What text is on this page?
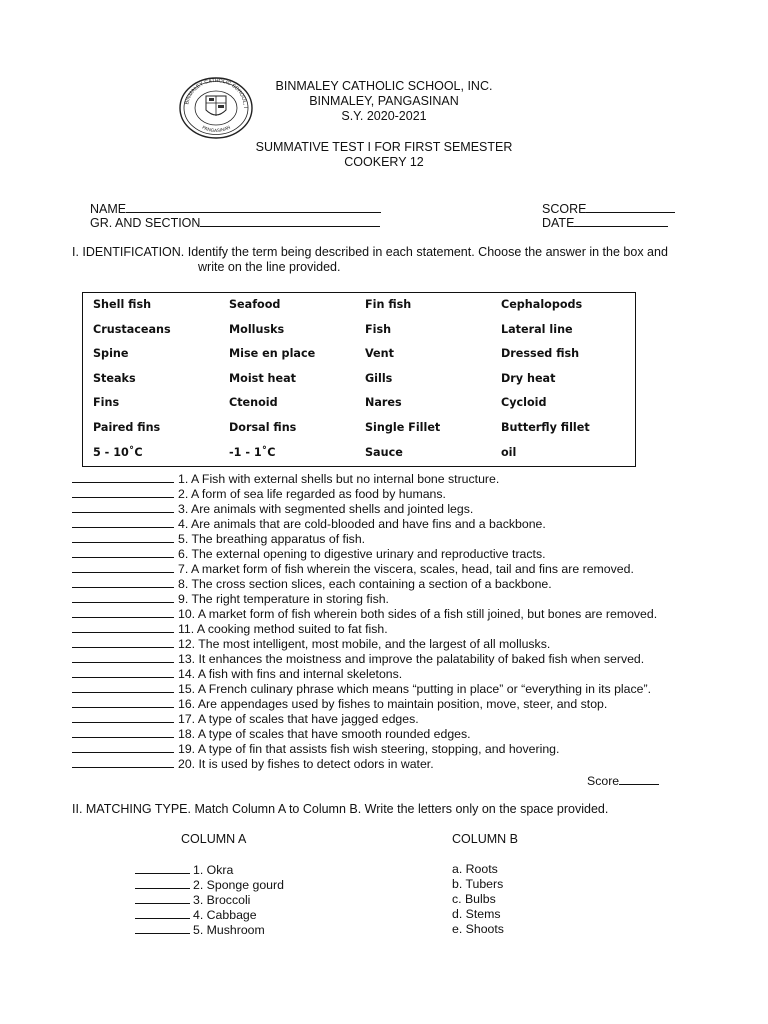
BINMALEY CATHOLIC SCHOOL, I
PANGASINAN
BINMALEY CATHOLIC SCHOOL, INC.
BINMALEY, PANGASINAN
S.Y. 2020-2021
SUMMATIVE TEST I FOR FIRST SEMESTER
COOKERY 12
NAME
GR. AND SECTION
SCORE
DATE
I. IDENTIFICATION. Identify the term being described in each statement. Choose the answer in the box and
write on the line provided.
Shell fish	Seafood	Fin fish	Cephalopods
Crustaceans	Mollusks	Fish	Lateral line
Spine	Mise en place	Vent	Dressed fish
Steaks	Moist heat	Gills	Dry heat
Fins	Ctenoid	Nares	Cycloid
Paired fins	Dorsal fins	Single Fillet	Butterfly fillet
5 - 10˚C	-1 - 1˚C	Sauce	oil
1. A Fish with external shells but no internal bone structure.
2. A form of sea life regarded as food by humans.
3. Are animals with segmented shells and jointed legs.
4. Are animals that are cold-blooded and have fins and a backbone.
5. The breathing apparatus of fish.
6. The external opening to digestive urinary and reproductive tracts.
7. A market form of fish wherein the viscera, scales, head, tail and fins are removed.
8. The cross section slices, each containing a section of a backbone.
9. The right temperature in storing fish.
10. A market form of fish wherein both sides of a fish still joined, but bones are removed.
11. A cooking method suited to fat fish.
12. The most intelligent, most mobile, and the largest of all mollusks.
13. It enhances the moistness and improve the palatability of baked fish when served.
14. A fish with fins and internal skeletons.
15. A French culinary phrase which means “putting in place” or “everything in its place”.
16. Are appendages used by fishes to maintain position, move, steer, and stop.
17. A type of scales that have jagged edges.
18. A type of scales that have smooth rounded edges.
19. A type of fin that assists fish wish steering, stopping, and hovering.
20. It is used by fishes to detect odors in water.
Score
II. MATCHING TYPE. Match Column A to Column B. Write the letters only on the space provided.
COLUMN A	COLUMN B
1. Okra
2. Sponge gourd
3. Broccoli
4. Cabbage
5. Mushroom
a. Roots
b. Tubers
c. Bulbs
d. Stems
e. Shoots
